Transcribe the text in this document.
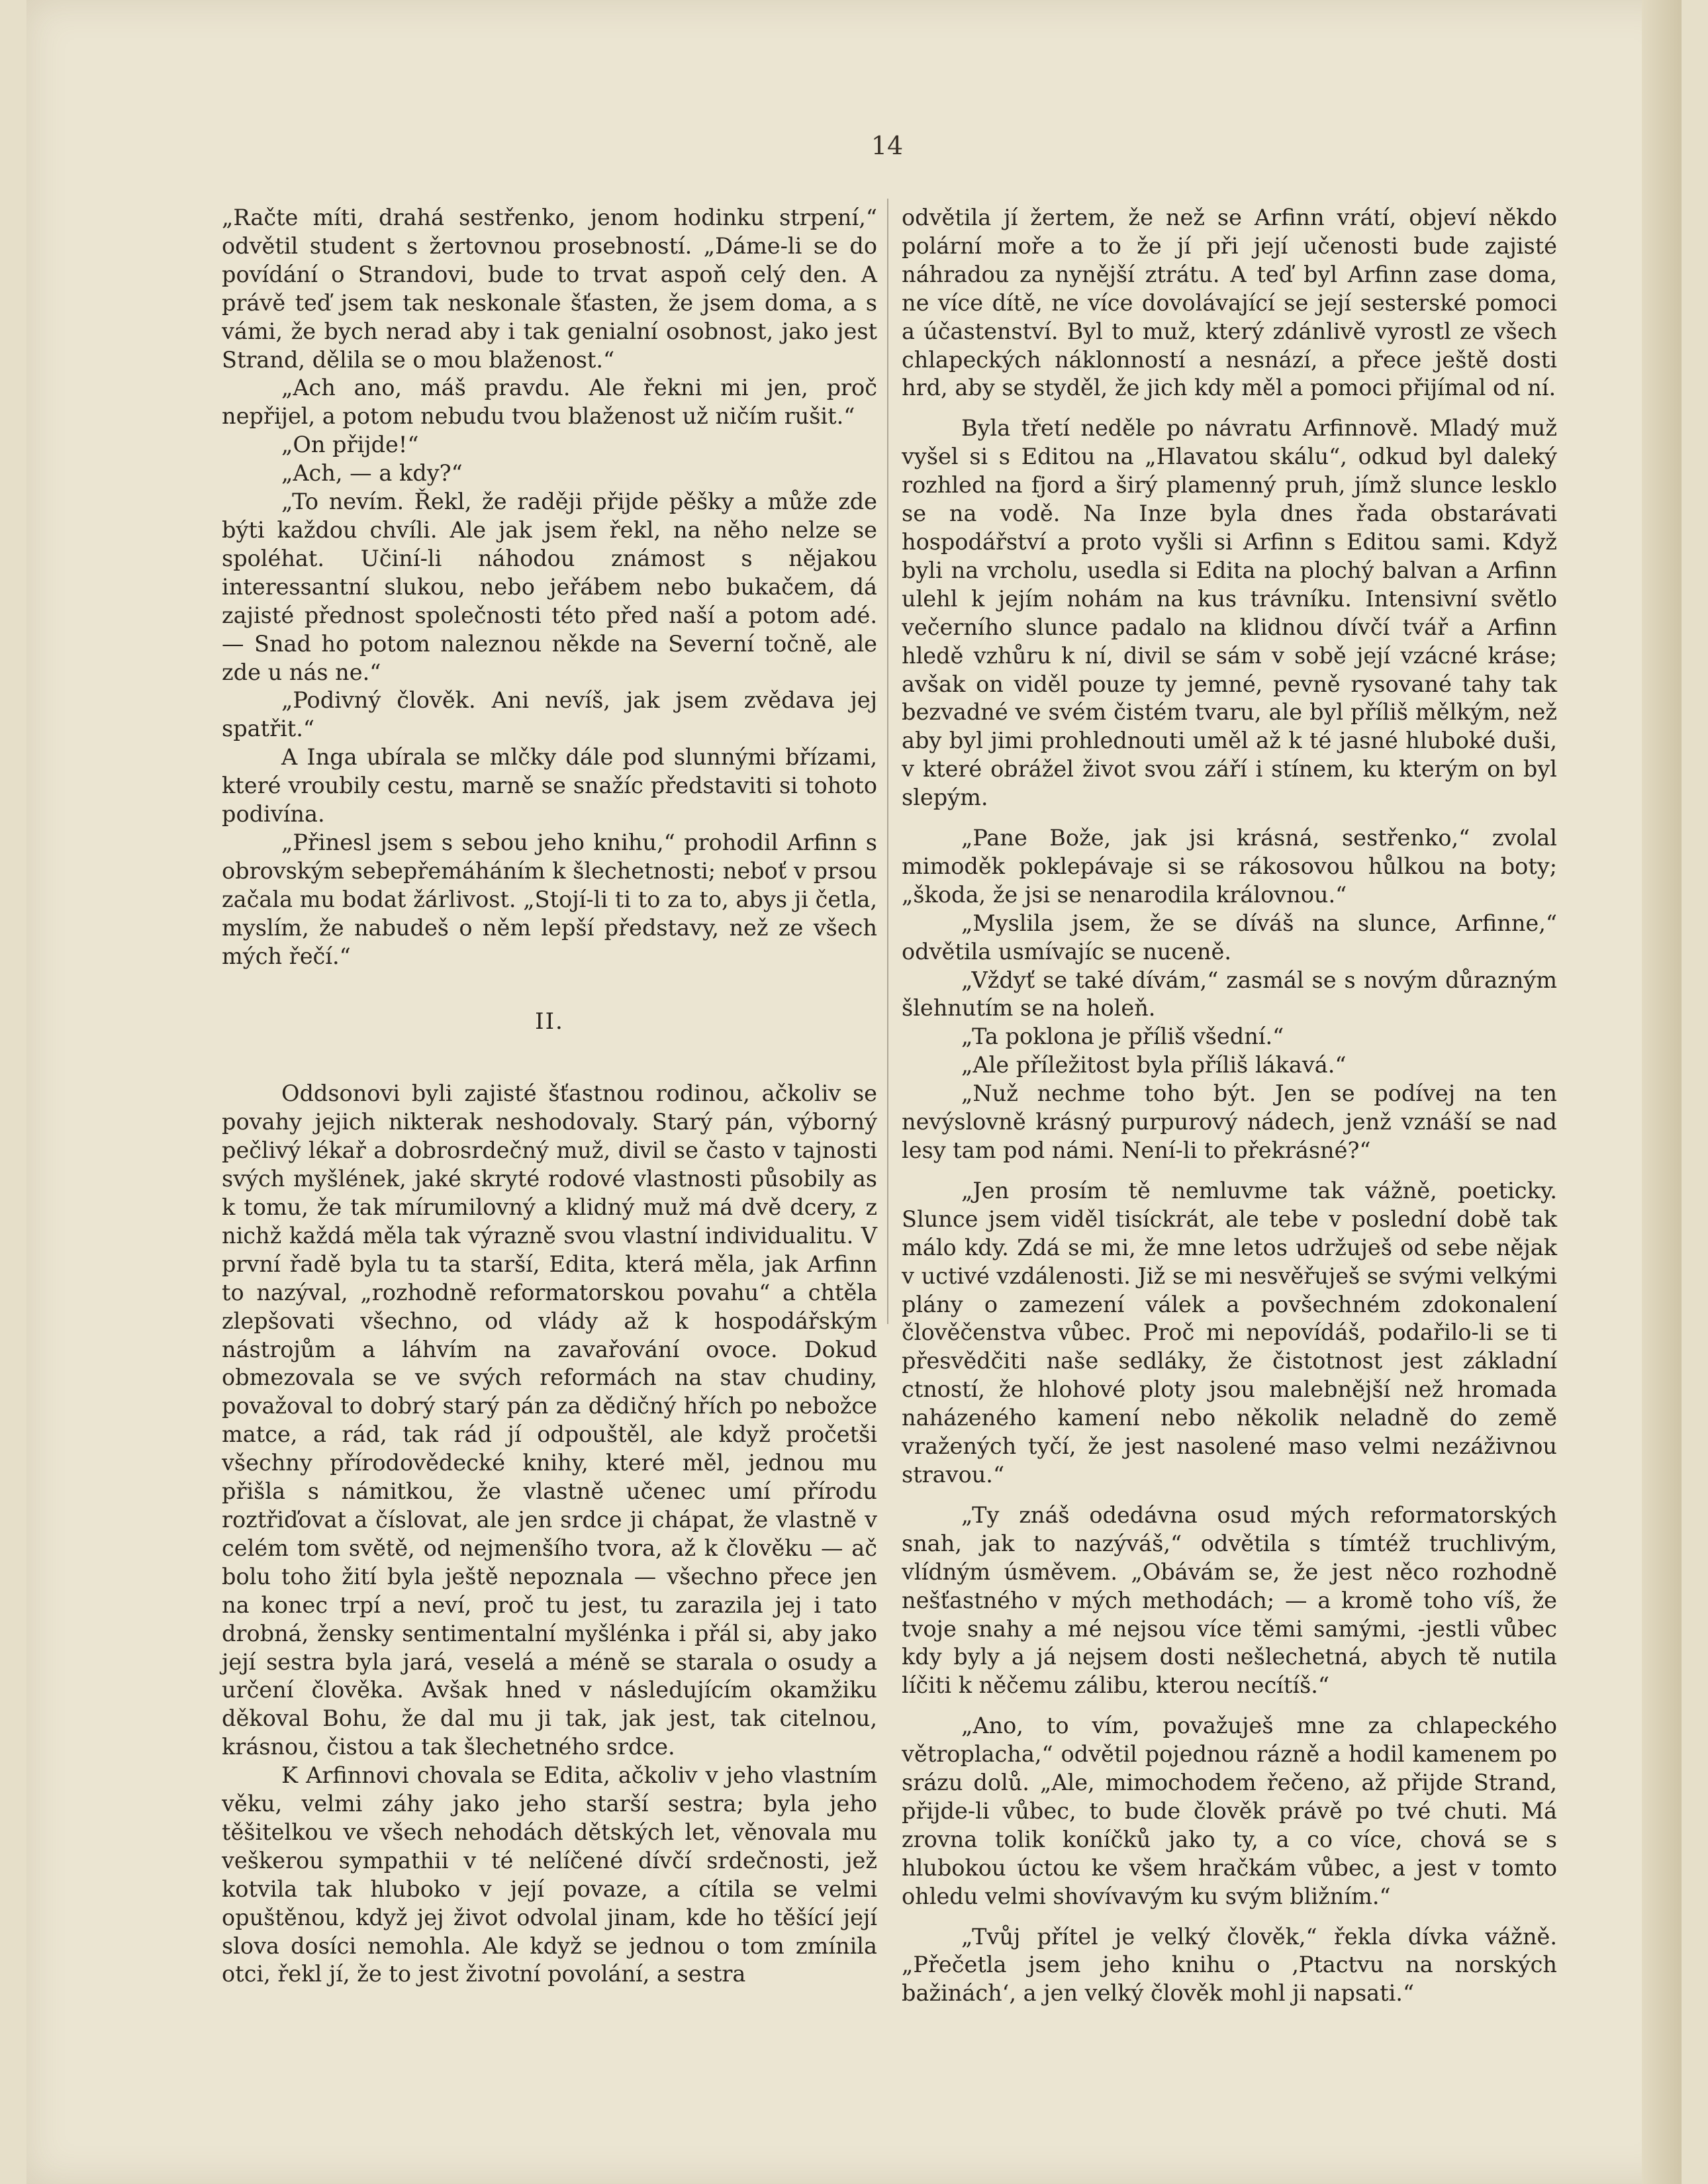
14

„Račte míti, drahá sestřenko, jenom hodinku strpení,“ odvětil student s žertovnou prosebností. „Dáme-li se do povídání o Strandovi, bude to trvat aspoň celý den. A právě teď jsem tak neskonale šťasten, že jsem doma, a s vámi, že bych nerad aby i tak genialní osobnost, jako jest Strand, dělila se o mou blaženost.“

„Ach ano, máš pravdu. Ale řekni mi jen, proč nepřijel, a potom nebudu tvou blaženost už ničím rušit.“

„On přijde!“

„Ach, — a kdy?“

„To nevím. Řekl, že raději přijde pěšky a může zde býti každou chvíli. Ale jak jsem řekl, na něho nelze se spoléhat. Učiní-li náhodou známost s nějakou interessantní slukou, nebo jeřábem nebo bukačem, dá zajisté přednost společnosti této před naší a potom adé. — Snad ho potom naleznou někde na Severní točně, ale zde u nás ne.“

„Podivný člověk. Ani nevíš, jak jsem zvědava jej spatřit.“

A Inga ubírala se mlčky dále pod slunnými břízami, které vroubily cestu, marně se snažíc představiti si tohoto podivína.

„Přinesl jsem s sebou jeho knihu,“ prohodil Arfinn s obrovským sebepřemáháním k šlechetnosti; neboť v prsou začala mu bodat žárlivost. „Stojí-li ti to za to, abys ji četla, myslím, že nabudeš o něm lepší představy, než ze všech mých řečí.“

II.

Oddsonovi byli zajisté šťastnou rodinou, ačkoliv se povahy jejich nikterak neshodovaly. Starý pán, výborný pečlivý lékař a dobrosrdečný muž, divil se často v tajnosti svých myšlének, jaké skryté rodové vlastnosti působily as k tomu, že tak mírumilovný a klidný muž má dvě dcery, z nichž každá měla tak výrazně svou vlastní individualitu. V první řadě byla tu ta starší, Edita, která měla, jak Arfinn to nazýval, „rozhodně reformatorskou povahu“ a chtěla zlepšovati všechno, od vlády až k hospodářským nástrojům a láhvím na zavařování ovoce. Dokud obmezovala se ve svých reformách na stav chudiny, považoval to dobrý starý pán za dědičný hřích po nebožce matce, a rád, tak rád jí odpouštěl, ale když pročetši všechny přírodovědecké knihy, které měl, jednou mu přišla s námitkou, že vlastně učenec umí přírodu roztřiďovat a číslovat, ale jen srdce ji chápat, že vlastně v celém tom světě, od nejmenšího tvora, až k člověku — ač bolu toho žití byla ještě nepoznala — všechno přece jen na konec trpí a neví, proč tu jest, tu zarazila jej i tato drobná, žensky sentimentalní myšlénka i přál si, aby jako její sestra byla jará, veselá a méně se starala o osudy a určení člověka. Avšak hned v následujícím okamžiku děkoval Bohu, že dal mu ji tak, jak jest, tak citelnou, krásnou, čistou a tak šlechetného srdce.

K Arfinnovi chovala se Edita, ačkoliv v jeho vlastním věku, velmi záhy jako jeho starší sestra; byla jeho těšitelkou ve všech nehodách dětských let, věnovala mu veškerou sympathii v té nelíčené dívčí srdečnosti, jež kotvila tak hluboko v její povaze, a cítila se velmi opuštěnou, když jej život odvolal jinam, kde ho těšící její slova dosíci nemohla. Ale když se jednou o tom zmínila otci, řekl jí, že to jest životní povolání, a sestra

odvětila jí žertem, že než se Arfinn vrátí, objeví někdo polární moře a to že jí při její učenosti bude zajisté náhradou za nynější ztrátu. A teď byl Arfinn zase doma, ne více dítě, ne více dovolávající se její sesterské pomoci a účastenství. Byl to muž, který zdánlivě vyrostl ze všech chlapeckých náklonností a nesnází, a přece ještě dosti hrd, aby se styděl, že jich kdy měl a pomoci přijímal od ní.

Byla třetí neděle po návratu Arfinnově. Mladý muž vyšel si s Editou na „Hlavatou skálu“, odkud byl daleký rozhled na fjord a širý plamenný pruh, jímž slunce lesklo se na vodě. Na Inze byla dnes řada obstarávati hospodářství a proto vyšli si Arfinn s Editou sami. Když byli na vrcholu, usedla si Edita na plochý balvan a Arfinn ulehl k jejím nohám na kus trávníku. Intensivní světlo večerního slunce padalo na klidnou dívčí tvář a Arfinn hledě vzhůru k ní, divil se sám v sobě její vzácné kráse; avšak on viděl pouze ty jemné, pevně rysované tahy tak bezvadné ve svém čistém tvaru, ale byl příliš mělkým, než aby byl jimi prohlednouti uměl až k té jasné hluboké duši, v které obrážel život svou září i stínem, ku kterým on byl slepým.

„Pane Bože, jak jsi krásná, sestřenko,“ zvolal mimoděk poklepávaje si se rákosovou hůlkou na boty; „škoda, že jsi se nenarodila královnou.“

„Myslila jsem, že se díváš na slunce, Arfinne,“ odvětila usmívajíc se nuceně.

„Vždyť se také dívám,“ zasmál se s novým důrazným šlehnutím se na holeň.

„Ta poklona je příliš všední.“

„Ale příležitost byla příliš lákavá.“

„Nuž nechme toho být. Jen se podívej na ten nevýslovně krásný purpurový nádech, jenž vznáší se nad lesy tam pod námi. Není-li to překrásné?“

„Jen prosím tě nemluvme tak vážně, poeticky. Slunce jsem viděl tisíckrát, ale tebe v poslední době tak málo kdy. Zdá se mi, že mne letos udržuješ od sebe nějak v uctivé vzdálenosti. Již se mi nesvěřuješ se svými velkými plány o zamezení válek a povšechném zdokonalení člověčenstva vůbec. Proč mi nepovídáš, podařilo-li se ti přesvědčiti naše sedláky, že čistotnost jest základní ctností, že hlohové ploty jsou malebnější než hromada naházeného kamení nebo několik neladně do země vražených tyčí, že jest nasolené maso velmi nezáživnou stravou.“

„Ty znáš odedávna osud mých reformatorských snah, jak to nazýváš,“ odvětila s tímtéž truchlivým, vlídným úsměvem. „Obávám se, že jest něco rozhodně nešťastného v mých methodách; — a kromě toho víš, že tvoje snahy a mé nejsou více těmi samými, -jestli vůbec kdy byly a já nejsem dosti nešlechetná, abych tě nutila líčiti k něčemu zálibu, kterou necítíš.“

„Ano, to vím, považuješ mne za chlapeckého větroplacha,“ odvětil pojednou rázně a hodil kamenem po srázu dolů. „Ale, mimochodem řečeno, až přijde Strand, přijde-li vůbec, to bude člověk právě po tvé chuti. Má zrovna tolik koníčků jako ty, a co více, chová se s hlubokou úctou ke všem hračkám vůbec, a jest v tomto ohledu velmi shovívavým ku svým bližním.“

„Tvůj přítel je velký člověk,“ řekla dívka vážně. „Přečetla jsem jeho knihu o ‚Ptactvu na norských bažinách‘, a jen velký člověk mohl ji napsati.“
